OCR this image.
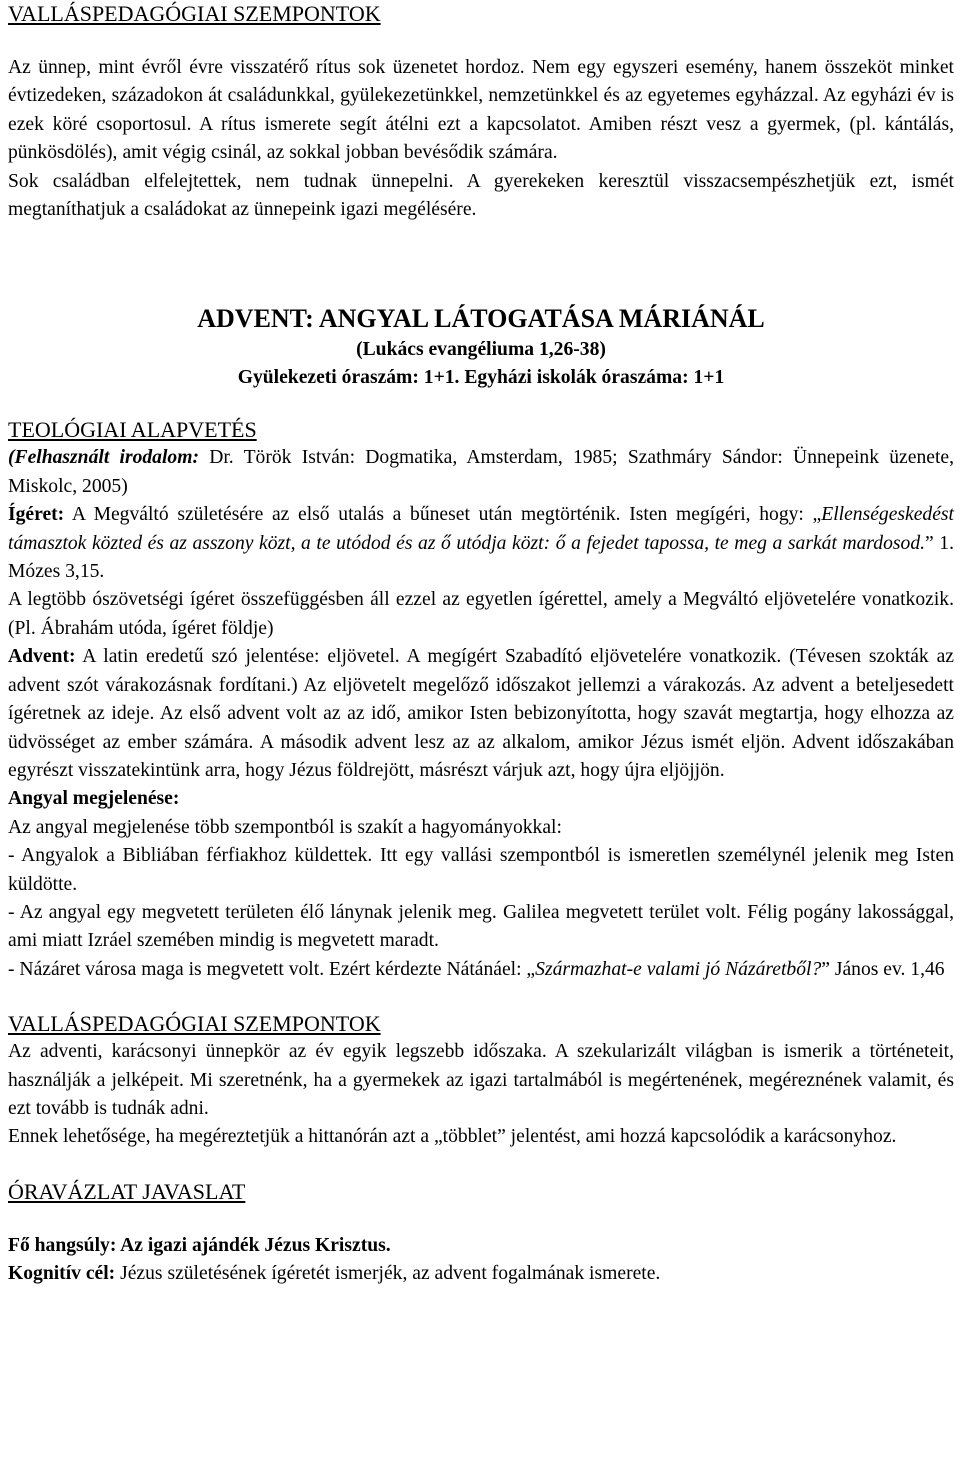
VALLÁSPEDAGÓGIAI SZEMPONTOK

Az ünnep, mint évről évre visszatérő rítus sok üzenetet hordoz. Nem egy egyszeri esemény, hanem összeköt minket évtizedeken, századokon át családunkkal, gyülekezetünkkel, nemzetünkkel és az egyetemes egyházzal. Az egyházi év is ezek köré csoportosul. A rítus ismerete segít átélni ezt a kapcsolatot. Amiben részt vesz a gyermek, (pl. kántálás, pünkösdölés), amit végig csinál, az sokkal jobban bevésődik számára.

Sok családban elfelejtettek, nem tudnak ünnepelni. A gyerekeken keresztül visszacsempészhetjük ezt, ismét megtaníthatjuk a családokat az ünnepeink igazi megélésére.

ADVENT: ANGYAL LÁTOGATÁSA MÁRIÁNÁL
(Lukács evangéliuma 1,26-38)
Gyülekezeti óraszám: 1+1. Egyházi iskolák óraszáma: 1+1
TEOLÓGIAI ALAPVETÉS

(Felhasznált irodalom: Dr. Török István: Dogmatika, Amsterdam, 1985; Szathmáry Sándor: Ünnepeink üzenete, Miskolc, 2005)

Ígéret: A Megváltó születésére az első utalás a bűneset után megtörténik. Isten megígéri, hogy: „Ellenségeskedést támasztok közted és az asszony közt, a te utódod és az ő utódja közt: ő a fejedet tapossa, te meg a sarkát mardosod.” 1. Mózes 3,15.

A legtöbb ószövetségi ígéret összefüggésben áll ezzel az egyetlen ígérettel, amely a Megváltó eljövetelére vonatkozik. (Pl. Ábrahám utóda, ígéret földje)

Advent: A latin eredetű szó jelentése: eljövetel. A megígért Szabadító eljövetelére vonatkozik. (Tévesen szokták az advent szót várakozásnak fordítani.) Az eljövetelt megelőző időszakot jellemzi a várakozás. Az advent a beteljesedett ígéretnek az ideje. Az első advent volt az az idő, amikor Isten bebizonyította, hogy szavát megtartja, hogy elhozza az üdvösséget az ember számára. A második advent lesz az az alkalom, amikor Jézus ismét eljön. Advent időszakában egyrészt visszatekintünk arra, hogy Jézus földrejött, másrészt várjuk azt, hogy újra eljöjjön.

Angyal megjelenése:

Az angyal megjelenése több szempontból is szakít a hagyományokkal:

- Angyalok a Bibliában férfiakhoz küldettek. Itt egy vallási szempontból is ismeretlen személynél jelenik meg Isten küldötte.

- Az angyal egy megvetett területen élő lánynak jelenik meg. Galilea megvetett terület volt. Félig pogány lakossággal, ami miatt Izráel szemében mindig is megvetett maradt.

- Názáret városa maga is megvetett volt. Ezért kérdezte Nátánáel: „Származhat-e valami jó Názáretből?” János ev. 1,46

VALLÁSPEDAGÓGIAI SZEMPONTOK

Az adventi, karácsonyi ünnepkör az év egyik legszebb időszaka. A szekularizált világban is ismerik a történeteit, használják a jelképeit. Mi szeretnénk, ha a gyermekek az igazi tartalmából is megértenének, megéreznének valamit, és ezt tovább is tudnák adni.

Ennek lehetősége, ha megéreztetjük a hittanórán azt a „többlet” jelentést, ami hozzá kapcsolódik a karácsonyhoz.

ÓRAVÁZLAT JAVASLAT

Fő hangsúly: Az igazi ajándék Jézus Krisztus.

Kognitív cél: Jézus születésének ígéretét ismerjék, az advent fogalmának ismerete.
